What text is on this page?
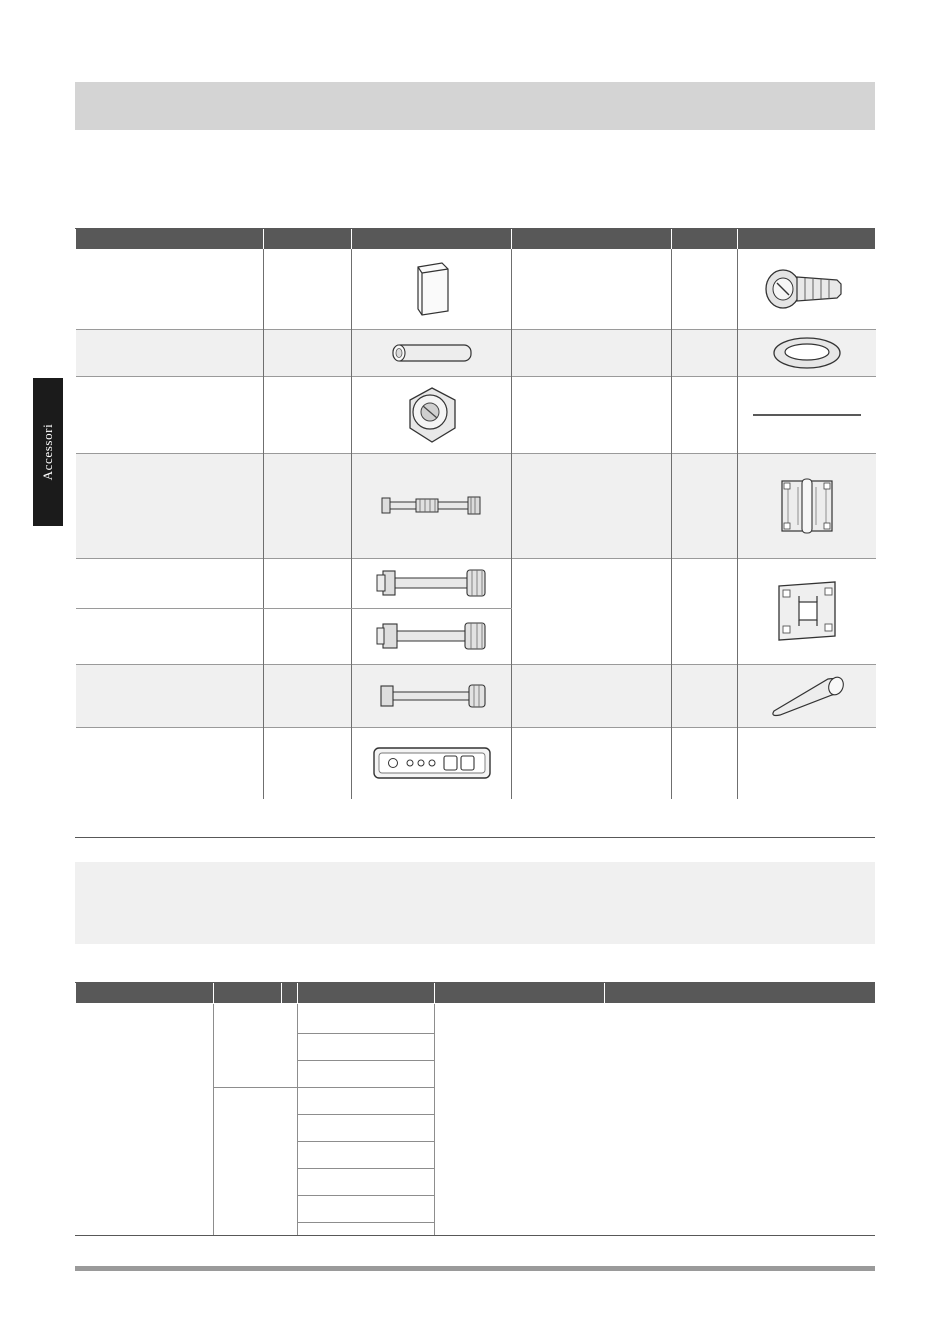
Accessori
